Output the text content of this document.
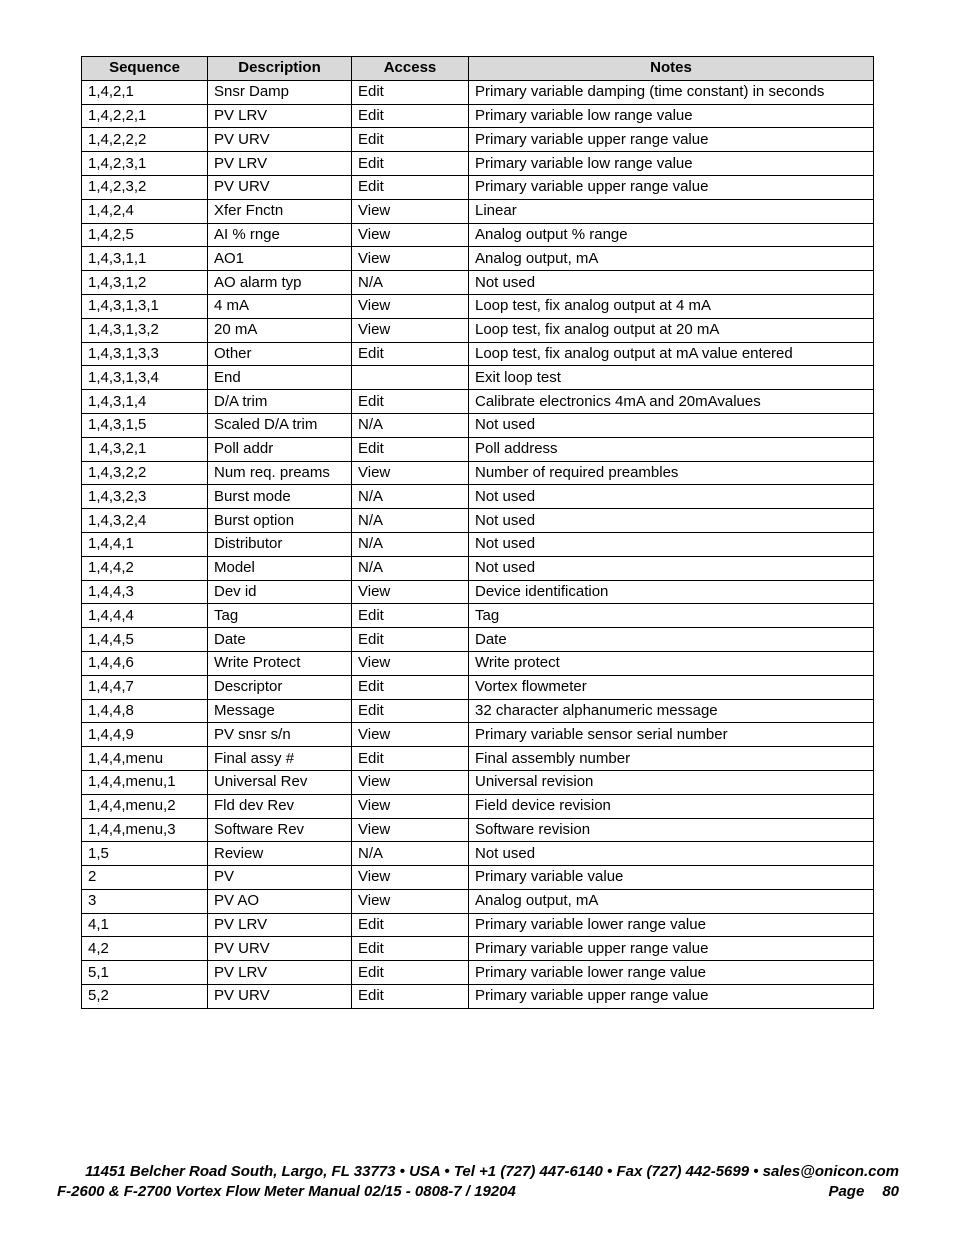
Sequence	Description	Access	Notes
1,4,2,1	Snsr Damp	Edit	Primary variable damping (time constant) in seconds
1,4,2,2,1	PV LRV	Edit	Primary variable low range value
1,4,2,2,2	PV URV	Edit	Primary variable upper range value
1,4,2,3,1	PV LRV	Edit	Primary variable low range value
1,4,2,3,2	PV URV	Edit	Primary variable upper range value
1,4,2,4	Xfer Fnctn	View	Linear
1,4,2,5	AI % rnge	View	Analog output % range
1,4,3,1,1	AO1	View	Analog output, mA
1,4,3,1,2	AO alarm typ	N/A	Not used
1,4,3,1,3,1	4 mA	View	Loop test, fix analog output at 4 mA
1,4,3,1,3,2	20 mA	View	Loop test, fix analog output at 20 mA
1,4,3,1,3,3	Other	Edit	Loop test, fix analog output at mA value entered
1,4,3,1,3,4	End		Exit loop test
1,4,3,1,4	D/A trim	Edit	Calibrate electronics 4mA and 20mAvalues
1,4,3,1,5	Scaled D/A trim	N/A	Not used
1,4,3,2,1	Poll addr	Edit	Poll address
1,4,3,2,2	Num req. preams	View	Number of required preambles
1,4,3,2,3	Burst mode	N/A	Not used
1,4,3,2,4	Burst option	N/A	Not used
1,4,4,1	Distributor	N/A	Not used
1,4,4,2	Model	N/A	Not used
1,4,4,3	Dev id	View	Device identification
1,4,4,4	Tag	Edit	Tag
1,4,4,5	Date	Edit	Date
1,4,4,6	Write Protect	View	Write protect
1,4,4,7	Descriptor	Edit	Vortex flowmeter
1,4,4,8	Message	Edit	32 character alphanumeric message
1,4,4,9	PV snsr s/n	View	Primary variable sensor serial number
1,4,4,menu	Final assy #	Edit	Final assembly number
1,4,4,menu,1	Universal Rev	View	Universal revision
1,4,4,menu,2	Fld dev Rev	View	Field device revision
1,4,4,menu,3	Software Rev	View	Software revision
1,5	Review	N/A	Not used
2	PV	View	Primary variable value
3	PV AO	View	Analog output, mA
4,1	PV LRV	Edit	Primary variable lower range value
4,2	PV URV	Edit	Primary variable upper range value
5,1	PV LRV	Edit	Primary variable lower range value
5,2	PV URV	Edit	Primary variable upper range value
11451 Belcher Road South, Largo, FL 33773 • USA • Tel +1 (727) 447-6140 • Fax (727) 442-5699 • sales@onicon.com
F-2600 & F-2700 Vortex Flow Meter Manual 02/15 - 0808-7 / 19204	Page 80
